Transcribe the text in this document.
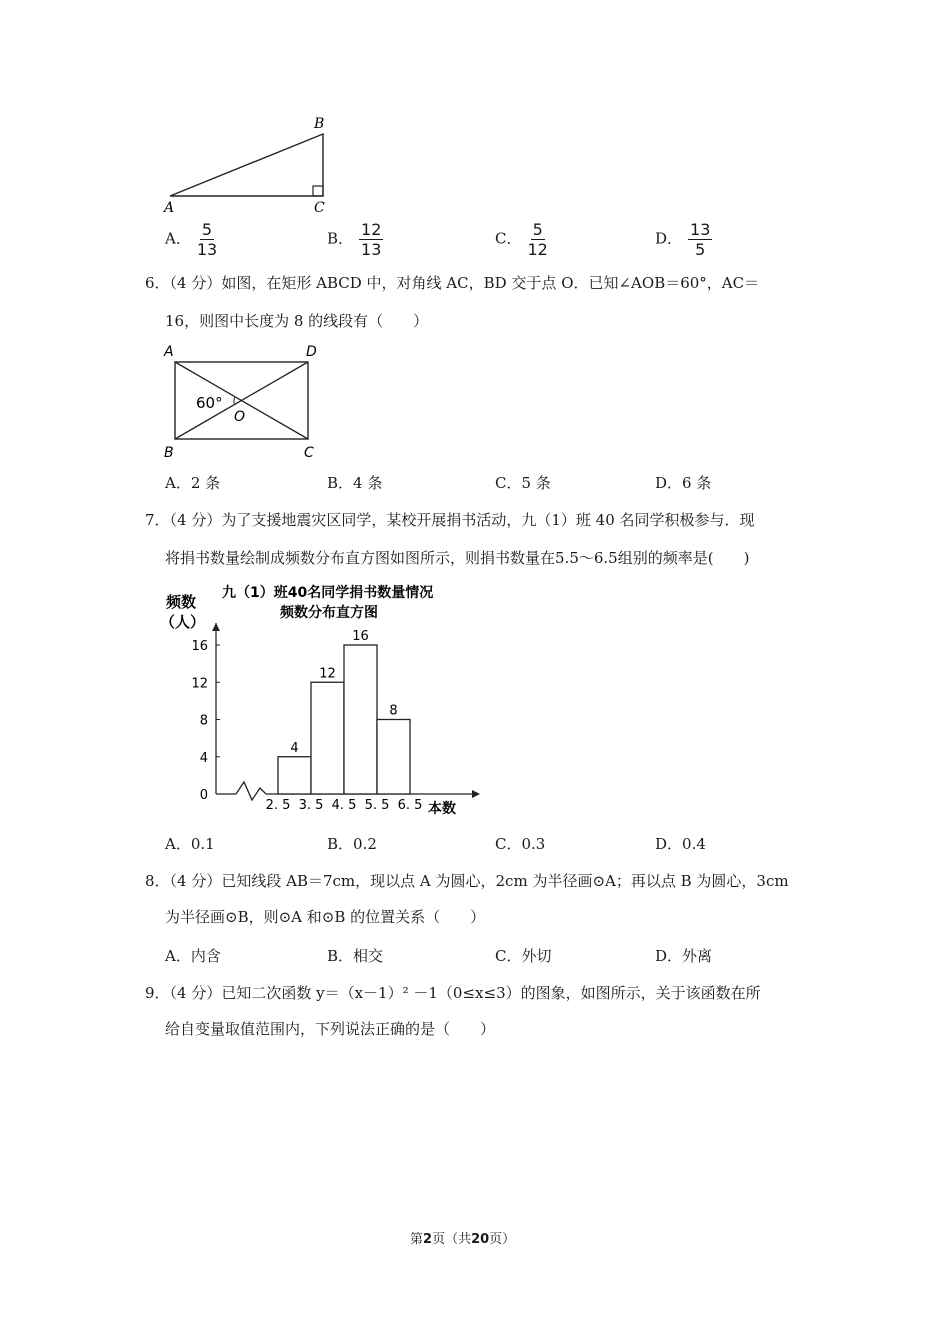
B
A	C
A． $\frac{5}{13}$	B． $\frac{12}{13}$	C． $\frac{5}{12}$	D． $\frac{13}{5}$
6．（4 分）如图，在矩形 ABCD 中，对角线 AC，BD 交于点 O．已知∠AOB＝60°，AC＝
16，则图中长度为 8 的线段有（　　）
A	D
B	C
O
60°
A．2 条	B．4 条	C．5 条	D．6 条
7．（4 分）为了支援地震灾区同学，某校开展捐书活动，九（1）班 40 名同学积极参与．现
将捐书数量绘制成频数分布直方图如图所示，则捐书数量在5.5～6.5组别的频率是(　　)
九（1）班40名同学捐书数量情况
频数分布直方图
频数
（人）
本数
0
4
8
12
16
2. 5 3. 5 4. 5 5. 5 6. 5
4
12
16
8
A．0.1	B．0.2	C．0.3	D．0.4
8．（4 分）已知线段 AB＝7cm，现以点 A 为圆心，2cm 为半径画⊙A；再以点 B 为圆心，3cm
为半径画⊙B，则⊙A 和⊙B 的位置关系（　　）
A．内含	B．相交	C．外切	D．外离
9．（4 分）已知二次函数 y＝（x－1）² －1（0≤x≤3）的图象，如图所示，关于该函数在所
给自变量取值范围内，下列说法正确的是（　　）
第2页（共20页）
